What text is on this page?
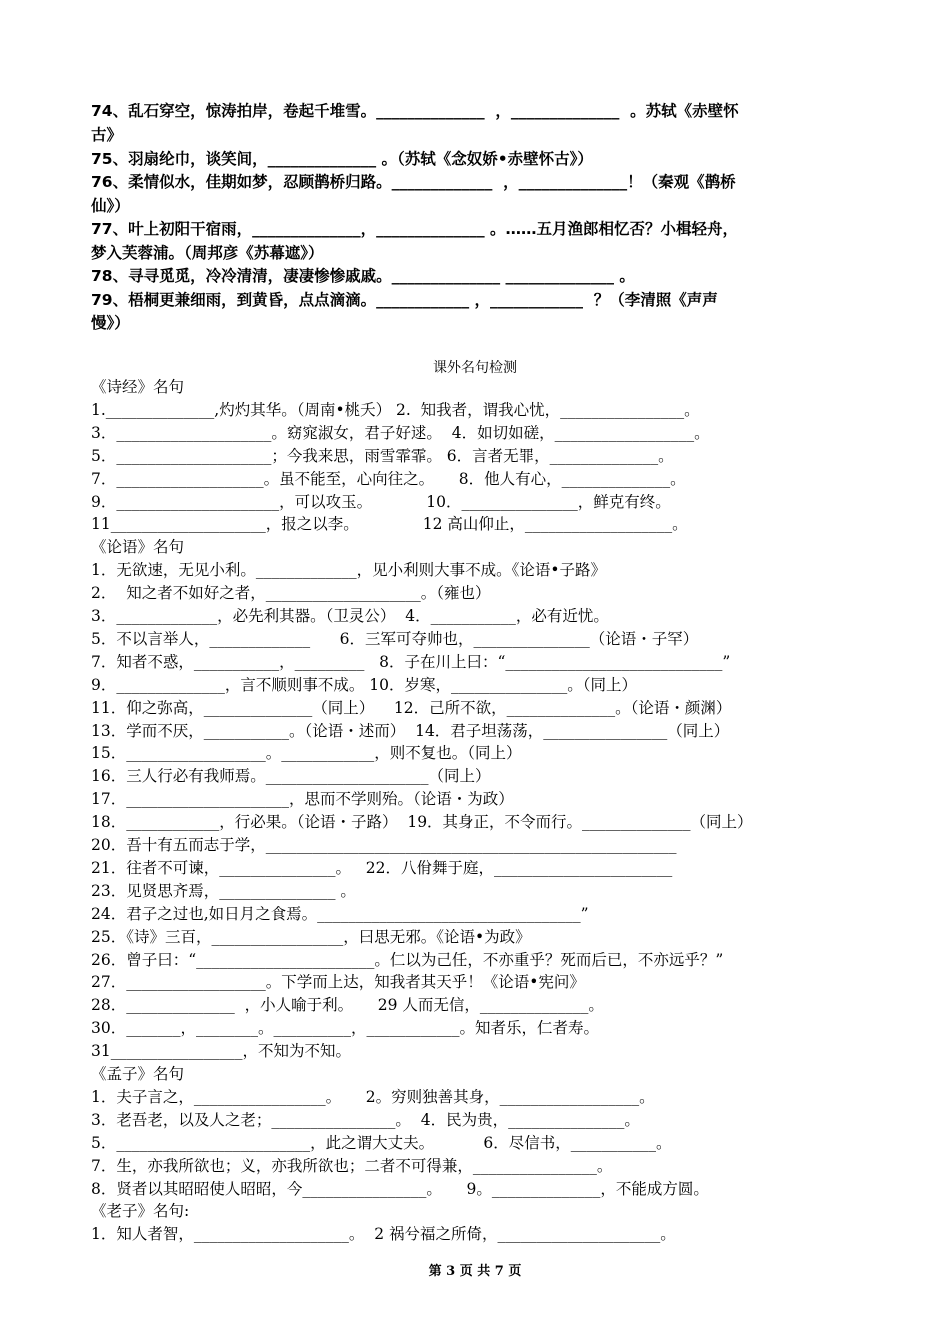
74、乱石穿空，惊涛拍岸，卷起千堆雪。______________  ，______________  。苏轼《赤壁怀
古》
75、羽扇纶巾，谈笑间，______________ 。（苏轼《念奴娇•赤壁怀古》）
76、柔情似水，佳期如梦，忍顾鹊桥归路。_____________  ，______________！（秦观《鹊桥
仙》）
77、叶上初阳干宿雨，______________，______________ 。……五月渔郎相忆否？小楫轻舟，
梦入芙蓉浦。（周邦彦《苏幕遮》）
78、寻寻觅觅，冷冷清清，凄凄惨惨戚戚。______________ ______________ 。
79、梧桐更兼细雨，到黄昏，点点滴滴。____________ ，____________  ？（李清照《声声
慢》）
课外名句检测
《诗经》名句
1.______________,灼灼其华。（周南•桃夭） 2.  知我者，谓我心忧，________________。
3．____________________。窈窕淑女，君子好逑。  4．如切如磋，__________________。
5．____________________；今我来思，雨雪霏霏。 6．言者无罪，______________。
7．___________________。虽不能至，心向往之。     8．他人有心，______________。
9．_____________________，可以攻玉。           10．_______________，鲜克有终。
11____________________，报之以李。             12 高山仰止，___________________。
《论语》名句
1．无欲速，无见小利。_____________，见小利则大事不成。《论语•子路》
2．  知之者不如好之者，____________________。（雍也）
3．_____________，必先利其器。（卫灵公）  4．___________，必有近忧。
5．不以言举人，_____________      6．三军可夺帅也，_______________（论语・子罕）
7．知者不惑，___________，_________   8．子在川上曰：“____________________________”
9．______________，言不顺则事不成。 10．岁寒，_______________。（同上）
11．仰之弥高，______________（同上）    12．己所不欲，______________。（论语・颜渊）
13．学而不厌，___________。（论语・述而）  14．君子坦荡荡，________________（同上）
15．__________________。____________，则不复也。（同上）
16．三人行必有我师焉。_____________________（同上）
17．_____________________，思而不学则殆。（论语・为政）
18．____________，行必果。（论语・子路）  19．其身正，不令而行。______________（同上）
20．吾十有五而志于学，_____________________________________________________
21．往者不可谏，_______________。   22．八佾舞于庭，_______________________
23．见贤思齐焉，_______________ 。
24．君子之过也,如日月之食焉。__________________________________”
25．《诗》三百，_________________，曰思无邪。《论语•为政》
26．曾子曰：“_______________________。仁以为己任，不亦重乎？死而后已，不亦远乎？”
27．__________________。下学而上达，知我者其天乎！《论语•宪问》
28．______________  ，小人喻于利。     29 人而无信，______________。
30．_______，________。__________，____________。知者乐，仁者寿。
31_________________，不知为不知。
《孟子》名句
1．夫子言之，_________________。     2。穷则独善其身，__________________。
3．老吾老，以及人之老；________________。  4．民为贵，_______________。
5．_________________________，此之谓大丈夫。          6．尽信书，___________。
7．生，亦我所欲也；义，亦我所欲也；二者不可得兼，________________。
8．贤者以其昭昭使人昭昭，今________________。     9。______________，不能成方圆。
《老子》名句:
1．知人者智，____________________。  2 祸兮福之所倚，_____________________。
第 3 页 共 7 页
